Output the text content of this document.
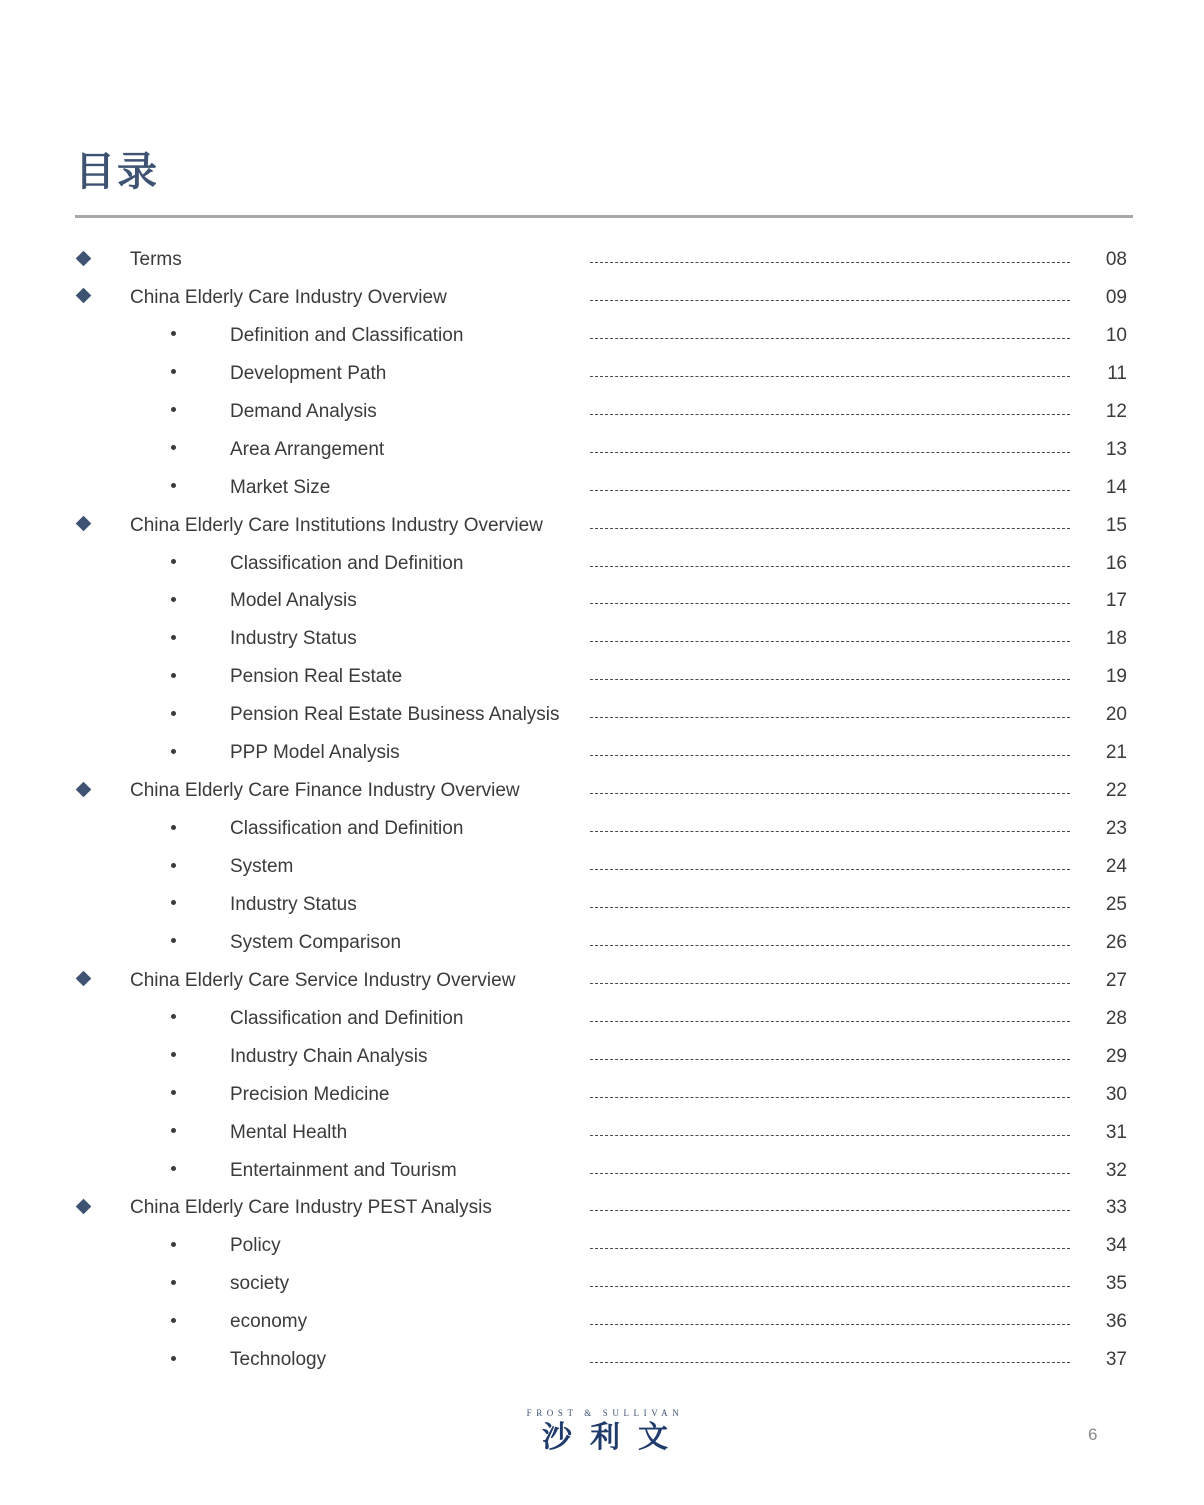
目录
Terms	08
China Elderly Care Industry Overview	09
Definition and Classification	10
Development Path	11
Demand Analysis	12
Area Arrangement	13
Market Size	14
China Elderly Care Institutions Industry Overview	15
Classification and Definition	16
Model Analysis	17
Industry Status	18
Pension Real Estate	19
Pension Real Estate Business Analysis	20
PPP Model Analysis	21
China Elderly Care Finance Industry Overview	22
Classification and Definition	23
System	24
Industry Status	25
System Comparison	26
China Elderly Care Service Industry Overview	27
Classification and Definition	28
Industry Chain Analysis	29
Precision Medicine	30
Mental Health	31
Entertainment and Tourism	32
China Elderly Care Industry PEST Analysis	33
Policy	34
society	35
economy	36
Technology	37
FROST & SULLIVAN
沙利文	6
